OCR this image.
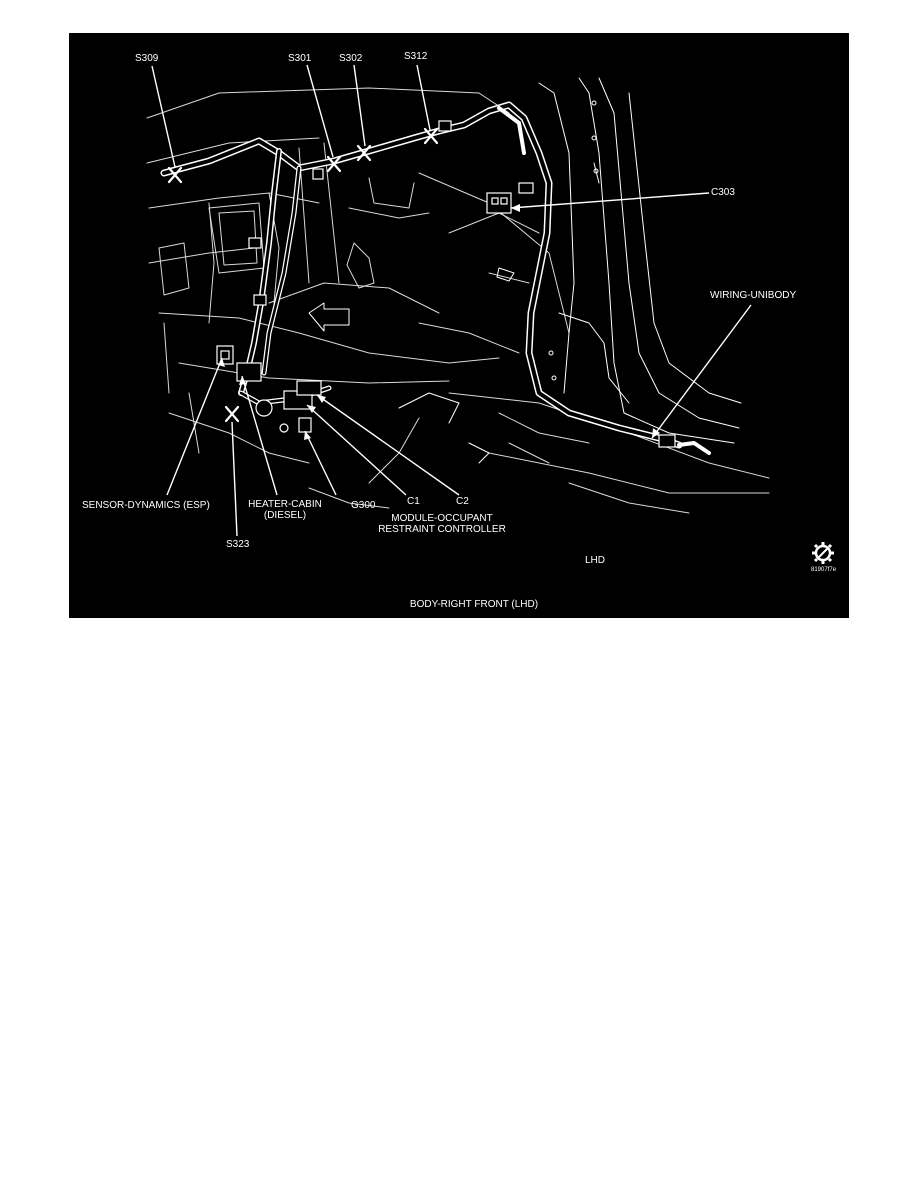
S309	S301	S302	S312
C303
WIRING-UNIBODY
SENSOR-DYNAMICS (ESP)	HEATER-CABIN
(DIESEL)
G300	C1	C2
MODULE-OCCUPANT
RESTRAINT CONTROLLER
S323
LHD
81907f7e
FWD
BODY-RIGHT FRONT (LHD)
